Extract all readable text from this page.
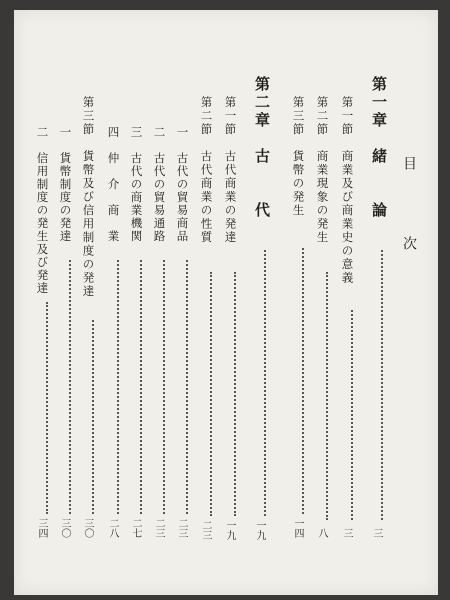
目　次
第一章　緒　　論
三
第一節　商業及び商業史の意義
三
第二節　商業現象の発生
八
第三節　貨幣の発生
一四
第二章　古　　代
一九
第一節　古代商業の発達
一九
第二節　古代商業の性質
二三
一　古代の貿易商品
二三
二　古代の貿易通路
二三
三　古代の商業機関
二七
四　仲　介　商　業
二八
第三節　貨幣及び信用制度の発達
三〇
一　貨幣制度の発達
三〇
二　信用制度の発生及び発達
三四
